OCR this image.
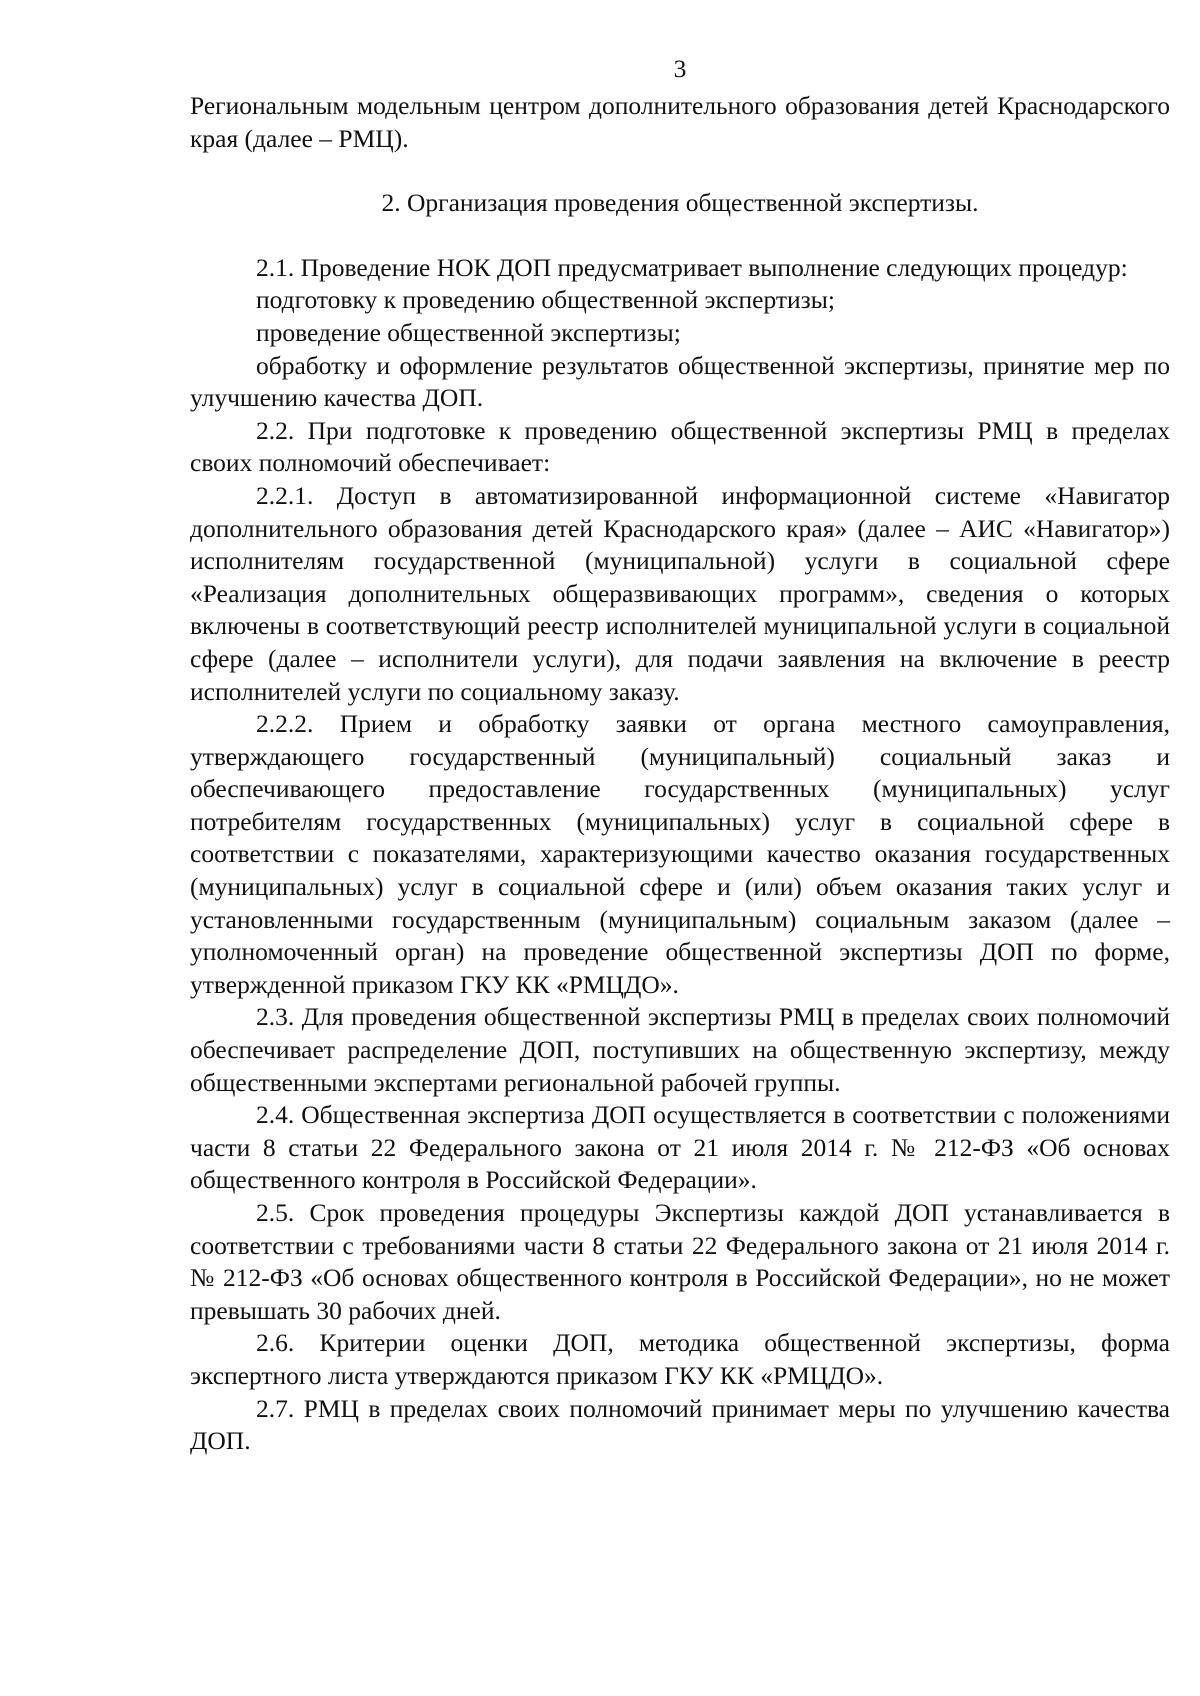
3

Региональным модельным центром дополнительного образования детей Краснодарского края (далее – РМЦ).

2. Организация проведения общественной экспертизы.

2.1. Проведение НОК ДОП предусматривает выполнение следующих процедур:

подготовку к проведению общественной экспертизы;

проведение общественной экспертизы;

обработку и оформление результатов общественной экспертизы, принятие мер по улучшению качества ДОП.

2.2. При подготовке к проведению общественной экспертизы РМЦ в пределах своих полномочий обеспечивает:

2.2.1. Доступ в автоматизированной информационной системе «Навигатор дополнительного образования детей Краснодарского края» (далее – АИС «Навигатор») исполнителям государственной (муниципальной) услуги в социальной сфере «Реализация дополнительных общеразвивающих программ», сведения о которых включены в соответствующий реестр исполнителей муниципальной услуги в социальной сфере (далее – исполнители услуги), для подачи заявления на включение в реестр исполнителей услуги по социальному заказу.

2.2.2. Прием и обработку заявки от органа местного самоуправления, утверждающего государственный (муниципальный) социальный заказ и обеспечивающего предоставление государственных (муниципальных) услуг потребителям государственных (муниципальных) услуг в социальной сфере в соответствии с показателями, характеризующими качество оказания государственных (муниципальных) услуг в социальной сфере и (или) объем оказания таких услуг и установленными государственным (муниципальным) социальным заказом (далее – уполномоченный орган) на проведение общественной экспертизы ДОП по форме, утвержденной приказом ГКУ КК «РМЦДО».

2.3. Для проведения общественной экспертизы РМЦ в пределах своих полномочий обеспечивает распределение ДОП, поступивших на общественную экспертизу, между общественными экспертами региональной рабочей группы.

2.4. Общественная экспертиза ДОП осуществляется в соответствии с положениями части 8 статьи 22 Федерального закона от 21 июля 2014 г. № 212-ФЗ «Об основах общественного контроля в Российской Федерации».

2.5. Срок проведения процедуры Экспертизы каждой ДОП устанавливается в соответствии с требованиями части 8 статьи 22 Федерального закона от 21 июля 2014 г. № 212-ФЗ «Об основах общественного контроля в Российской Федерации», но не может превышать 30 рабочих дней.

2.6. Критерии оценки ДОП, методика общественной экспертизы, форма экспертного листа утверждаются приказом ГКУ КК «РМЦДО».

2.7. РМЦ в пределах своих полномочий принимает меры по улучшению качества ДОП.
